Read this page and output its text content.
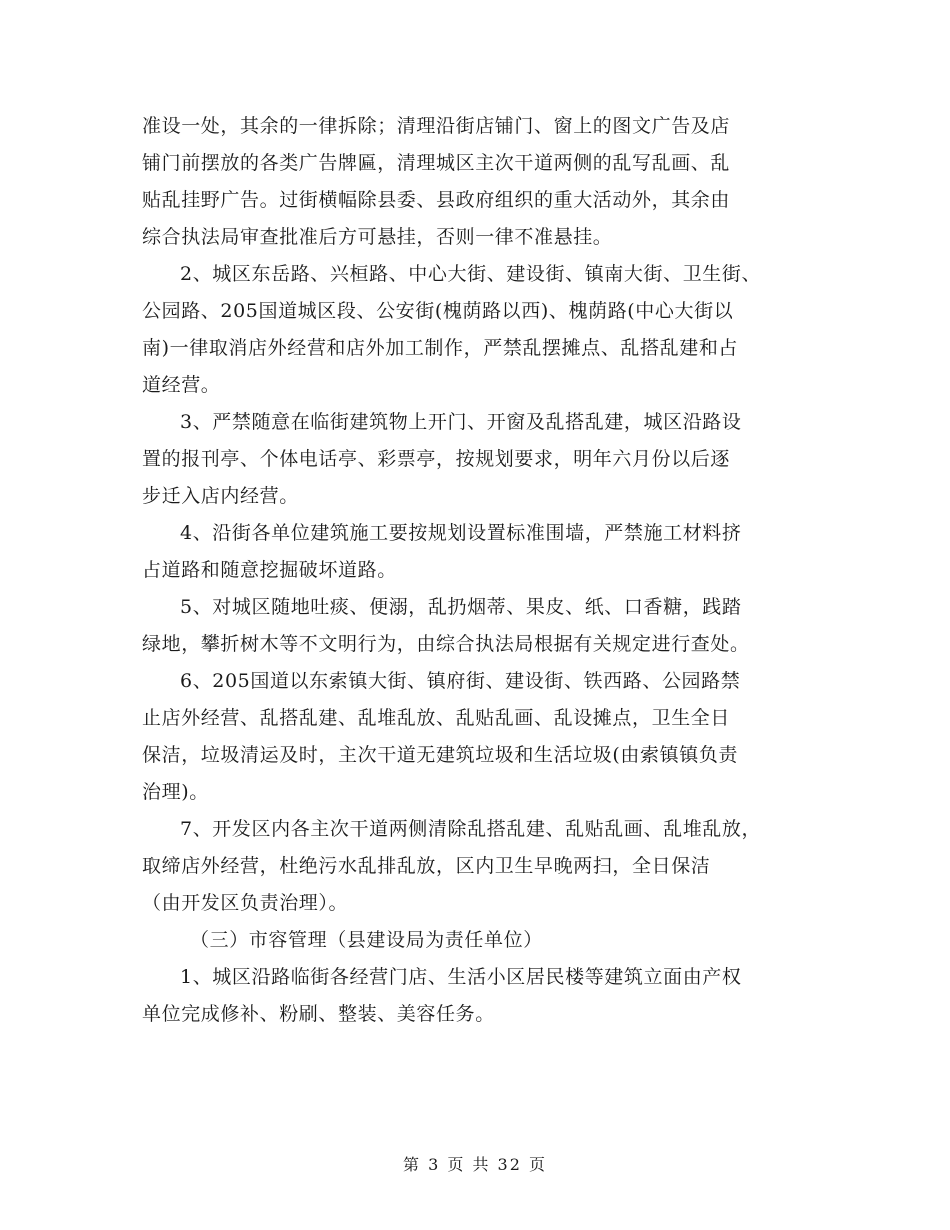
准设一处，其余的一律拆除；清理沿街店铺门、窗上的图文广告及店
铺门前摆放的各类广告牌匾，清理城区主次干道两侧的乱写乱画、乱
贴乱挂野广告。过街横幅除县委、县政府组织的重大活动外，其余由
综合执法局审查批准后方可悬挂，否则一律不准悬挂。

2、城区东岳路、兴桓路、中心大街、建设街、镇南大街、卫生街、
公园路、205国道城区段、公安街(槐荫路以西)、槐荫路(中心大街以
南)一律取消店外经营和店外加工制作，严禁乱摆摊点、乱搭乱建和占
道经营。

3、严禁随意在临街建筑物上开门、开窗及乱搭乱建，城区沿路设
置的报刊亭、个体电话亭、彩票亭，按规划要求，明年六月份以后逐
步迁入店内经营。

4、沿街各单位建筑施工要按规划设置标准围墙，严禁施工材料挤
占道路和随意挖掘破坏道路。

5、对城区随地吐痰、便溺，乱扔烟蒂、果皮、纸、口香糖，践踏
绿地，攀折树木等不文明行为，由综合执法局根据有关规定进行查处。

6、205国道以东索镇大街、镇府街、建设街、铁西路、公园路禁
止店外经营、乱搭乱建、乱堆乱放、乱贴乱画、乱设摊点，卫生全日
保洁，垃圾清运及时，主次干道无建筑垃圾和生活垃圾(由索镇镇负责
治理)。

7、开发区内各主次干道两侧清除乱搭乱建、乱贴乱画、乱堆乱放，
取缔店外经营，杜绝污水乱排乱放，区内卫生早晚两扫，全日保洁
（由开发区负责治理）。

（三）市容管理（县建设局为责任单位）

1、城区沿路临街各经营门店、生活小区居民楼等建筑立面由产权
单位完成修补、粉刷、整装、美容任务。

第 3 页 共 32 页
